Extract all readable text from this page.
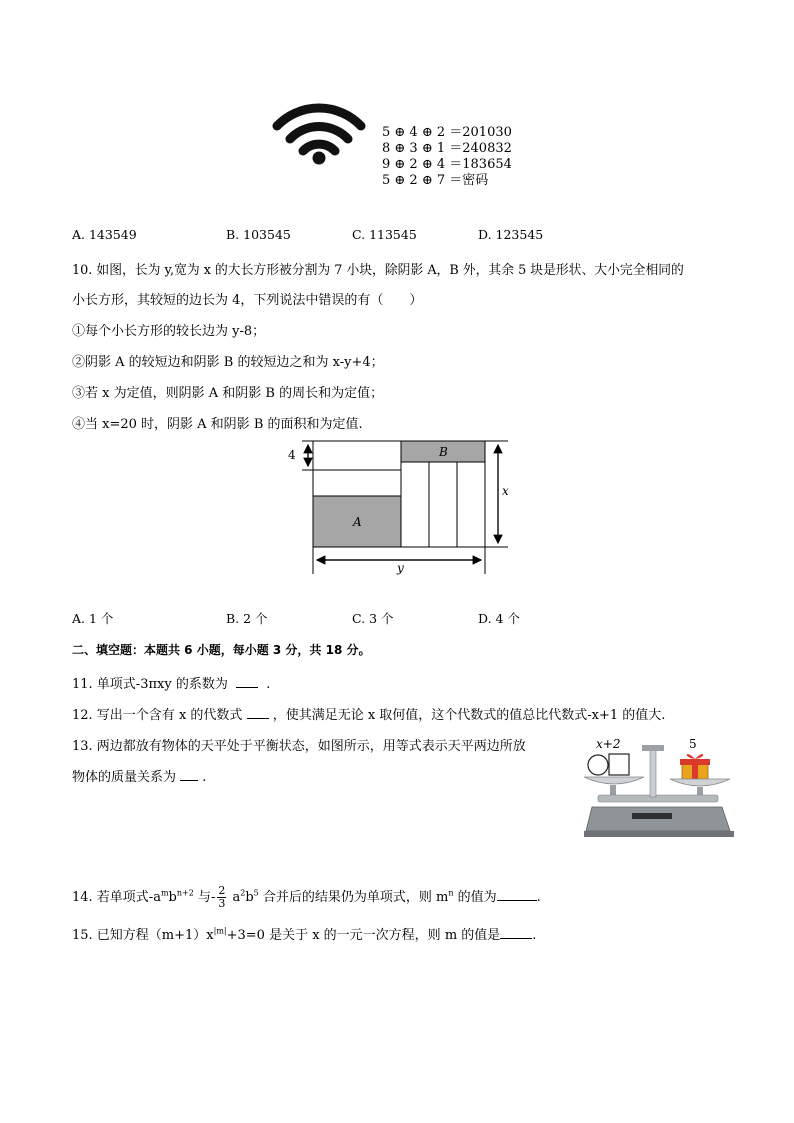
5 ⊕ 4 ⊕ 2 ＝201030
8 ⊕ 3 ⊕ 1 ＝240832
9 ⊕ 2 ⊕ 4 ＝183654
5 ⊕ 2 ⊕ 7 ＝密码
A. 143549	B. 103545	C. 113545	D. 123545
10. 如图，长为 y,宽为 x 的大长方形被分割为 7 小块，除阴影 A，B 外，其余 5 块是形状、大小完全相同的
小长方形，其较短的边长为 4，下列说法中错误的有（　　）
①每个小长方形的较长边为 y-8；
②阴影 A 的较短边和阴影 B 的较短边之和为 x-y+4；
③若 x 为定值，则阴影 A 和阴影 B 的周长和为定值；
④当 x=20 时，阴影 A 和阴影 B 的面积和为定值.
4
A
B
x
y
A. 1 个	B. 2 个	C. 3 个	D. 4 个
二、填空题：本题共 6 小题，每小题 3 分，共 18 分。
11. 单项式-3πxy 的系数为	.
12. 写出一个含有 x 的代数式 ，使其满足无论 x 取何值，这个代数式的值总比代数式-x+1 的值大.
13. 两边都放有物体的天平处于平衡状态，如图所示，用等式表示天平两边所放
物体的质量关系为 .
x+2	5
14. 若单项式$-a^mb^{n+2}$ 与- $\frac{2}{3} a^2b^5$ 合并后的结果仍为单项式，则 $m^n$ 的值为	.
15. 已知方程$(m+1)x^{|m|}+3=0$ 是关于 x 的一元一次方程，则 m 的值是 .
